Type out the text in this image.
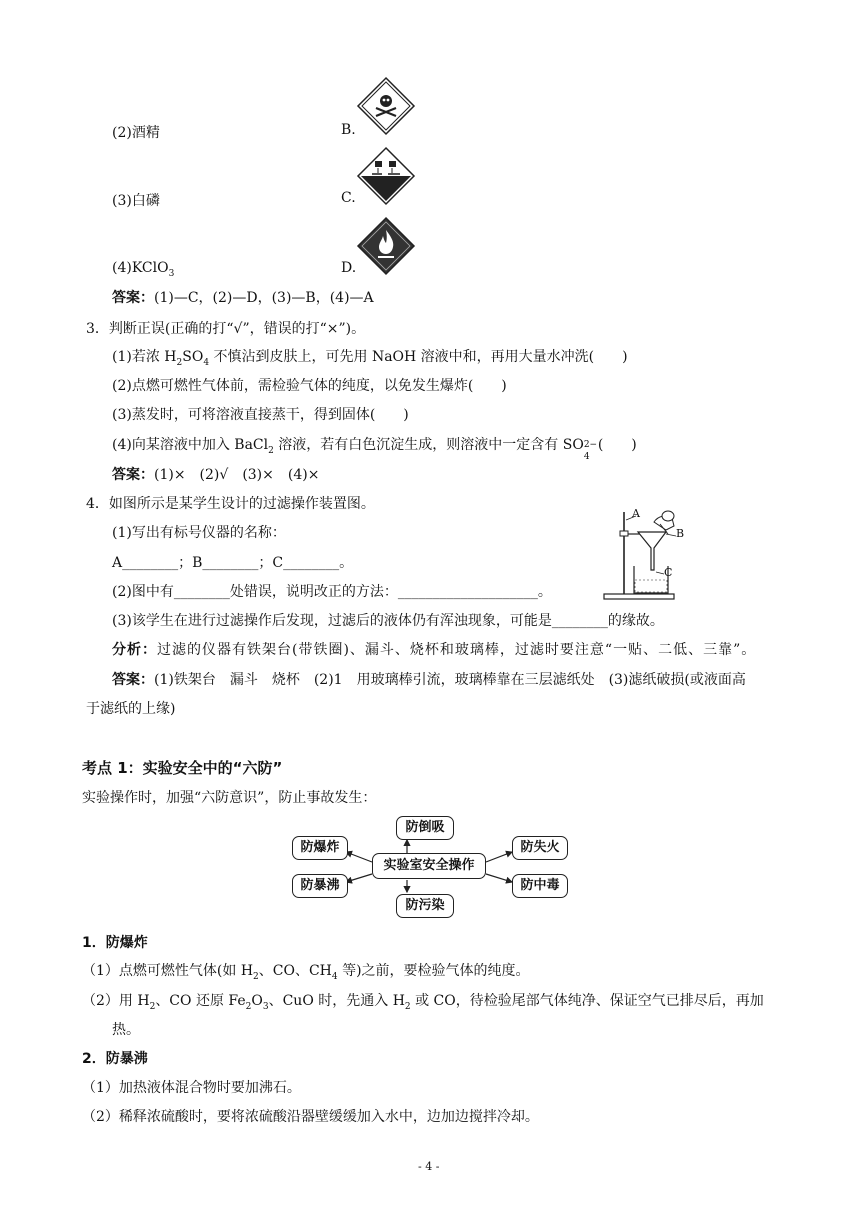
(2)酒精
(3)白磷
(4)KClO$_3$
B.
C.
D.
答案：(1)—C，(2)—D，(3)—B，(4)—A
3．判断正误(正确的打“√”，错误的打“×”)。
(1)若浓 $H_2SO_4$ 不慎沾到皮肤上，可先用 NaOH 溶液中和，再用大量水冲洗(　　)
(2)点燃可燃性气体前，需检验气体的纯度，以免发生爆炸(　　)
(3)蒸发时，可将溶液直接蒸干，得到固体(　　)
(4)向某溶液中加入 BaCl$_2$ 溶液，若有白色沉淀生成，则溶液中一定含有 SO 2−
4
(　　)
答案：(1)×　(2)√　(3)×　(4)×
4．如图所示是某学生设计的过滤操作装置图。
(1)写出有标号仪器的名称：
A________；B________；C________。
(2)图中有________处错误，说明改正的方法：____________________。
(3)该学生在进行过滤操作后发现，过滤后的液体仍有浑浊现象，可能是________的缘故。
分析：过滤的仪器有铁架台(带铁圈)、漏斗、烧杯和玻璃棒，过滤时要注意“一贴、二低、三靠”。
答案：(1)铁架台　漏斗　烧杯　(2)1　用玻璃棒引流，玻璃棒靠在三层滤纸处　(3)滤纸破损(或液面高
于滤纸的上缘)
A
B
C
考点 1：实验安全中的“六防”
实验操作时，加强“六防意识”，防止事故发生：
实验室安全操作
防倒吸
防污染
防爆炸
防暴沸
防失火
防中毒
1．防爆炸
（1）点燃可燃性气体(如 $H_2$、CO、$CH_4$ 等)之前，要检验气体的纯度。
（2）用 $H_2$、CO 还原 $Fe_2O_3$、CuO 时，先通入 $H_2$ 或 CO，待检验尾部气体纯净、保证空气已排尽后，再加
热。
2．防暴沸
（1）加热液体混合物时要加沸石。
（2）稀释浓硫酸时，要将浓硫酸沿器壁缓缓加入水中，边加边搅拌冷却。
- 4 -
